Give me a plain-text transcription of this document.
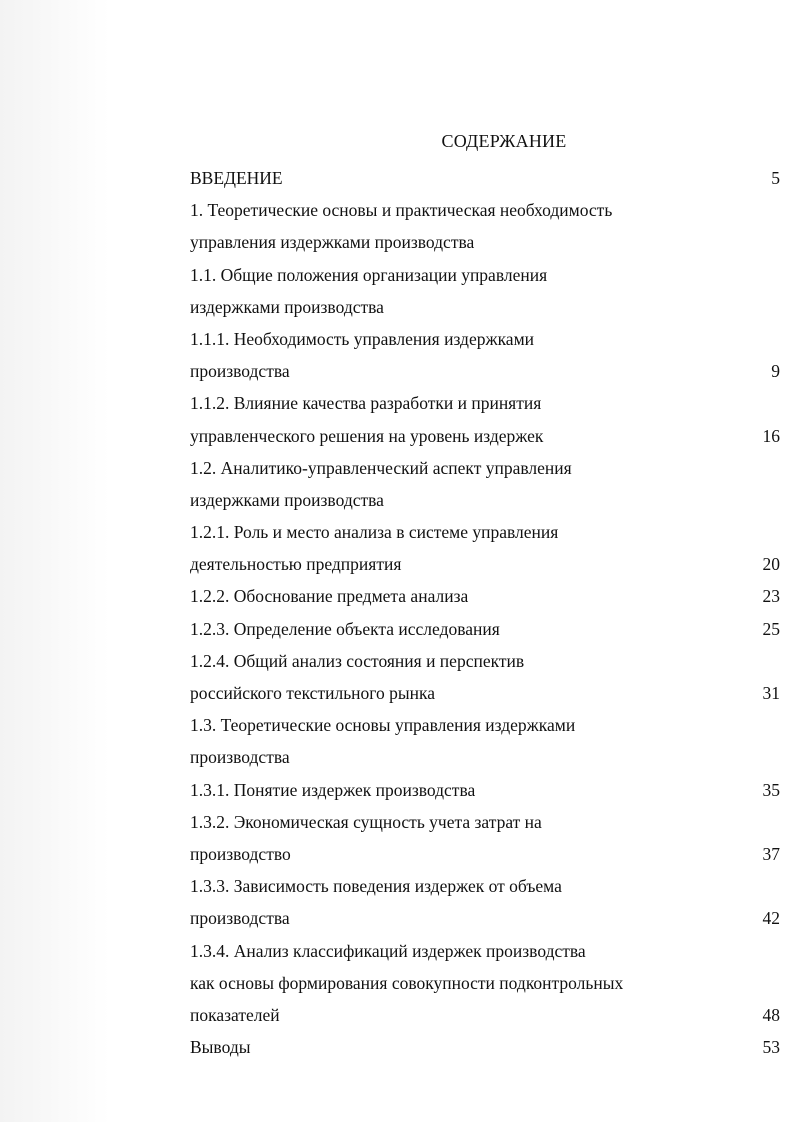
СОДЕРЖАНИЕ
ВВЕДЕНИЕ	5
1. Теоретические основы и практическая необходимость
управления издержками производства
1.1. Общие положения организации управления
издержками производства
1.1.1. Необходимость управления издержками
производства	9
1.1.2. Влияние качества разработки и принятия
управленческого решения на уровень издержек	16
1.2. Аналитико-управленческий аспект управления
издержками производства
1.2.1. Роль и место анализа в системе управления
деятельностью предприятия	20
1.2.2. Обоснование предмета анализа	23
1.2.3. Определение объекта исследования	25
1.2.4. Общий анализ состояния и перспектив
российского текстильного рынка	31
1.3. Теоретические основы управления издержками
производства
1.3.1. Понятие издержек производства	35
1.3.2. Экономическая сущность учета затрат на
производство	37
1.3.3. Зависимость поведения издержек от объема
производства	42
1.3.4. Анализ классификаций издержек производства
как основы формирования совокупности подконтрольных
показателей	48
Выводы	53
